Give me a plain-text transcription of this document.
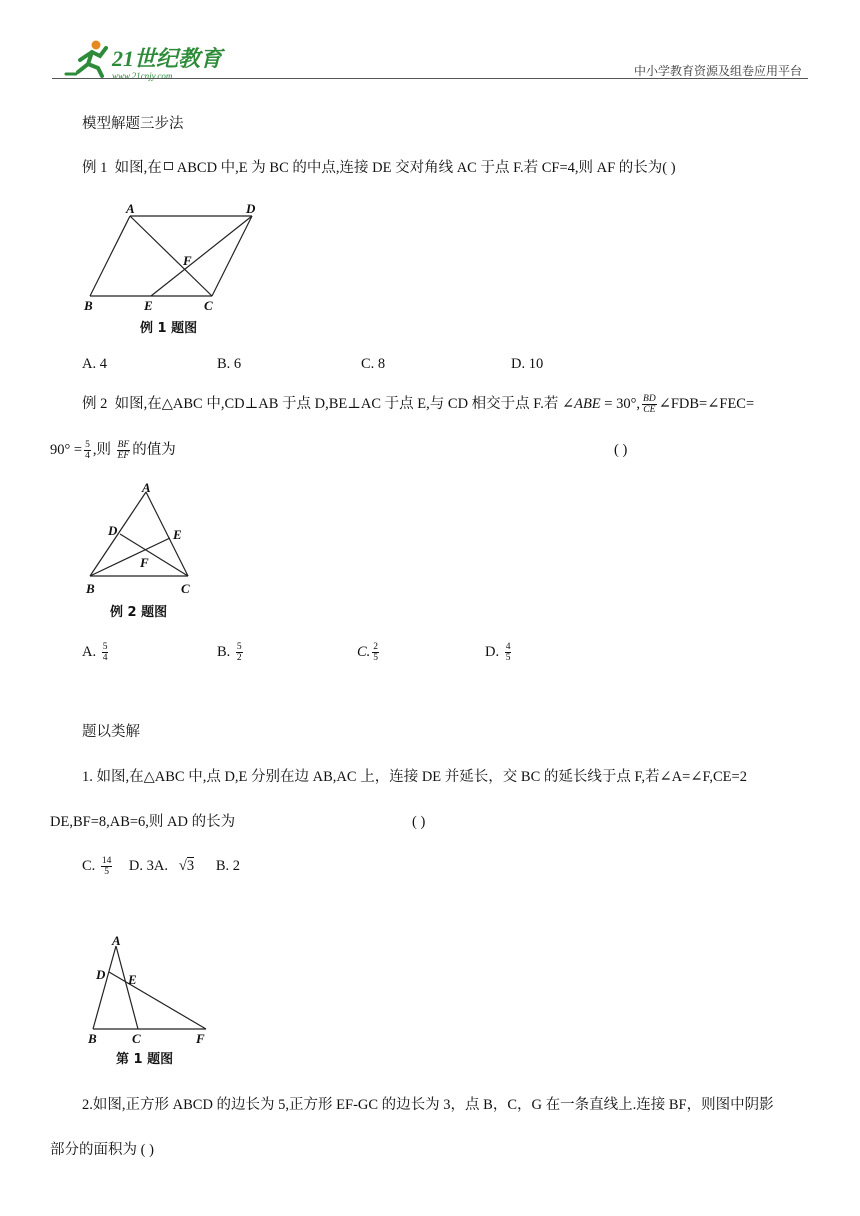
21世纪教育
www.21cnjy.com	中小学教育资源及组卷应用平台
模型解题三步法
例 1 如图,在 ABCD 中,E 为 BC 的中点,连接 DE 交对角线 AC 于点 F.若 CF=4,则 AF 的长为( )
A	D
F
B	E	C
例 1 题图
A. 4	B. 6	C. 8	D. 10
例 2 如图,在△ABC 中,CD⊥AB 于点 D,BE⊥AC 于点 E,与 CD 相交于点 F.若 ∠ABE = 30°, $\frac{BD}{CE}$ ∠FDB=∠FEC=
$90^\circ = \frac{5}{4}$ ,则 $\frac{BF}{EF}$ 的值为	( )
A
D	E
F
B	C
例 2 题图
A. $\frac{5}{4}$	B. $\frac{5}{2}$	C. $\frac{2}{5}$	D. $\frac{4}{5}$
题以类解
1. 如图,在△ABC 中,点 D,E 分别在边 AB,AC 上，连接 DE 并延长，交 BC 的延长线于点 F,若∠A=∠F,CE=2
DE,BF=8,AB=6,则 AD 的长为	( )
C. $\frac{14}{5} D$. 3A. √3 B. 2
A
D E
B	C	F
第 1 题图
2.如图,正方形 ABCD 的边长为 5,正方形 EF-GC 的边长为 3，点 B，C，G 在一条直线上.连接 BF，则图中阴影
部分的面积为 ( )
